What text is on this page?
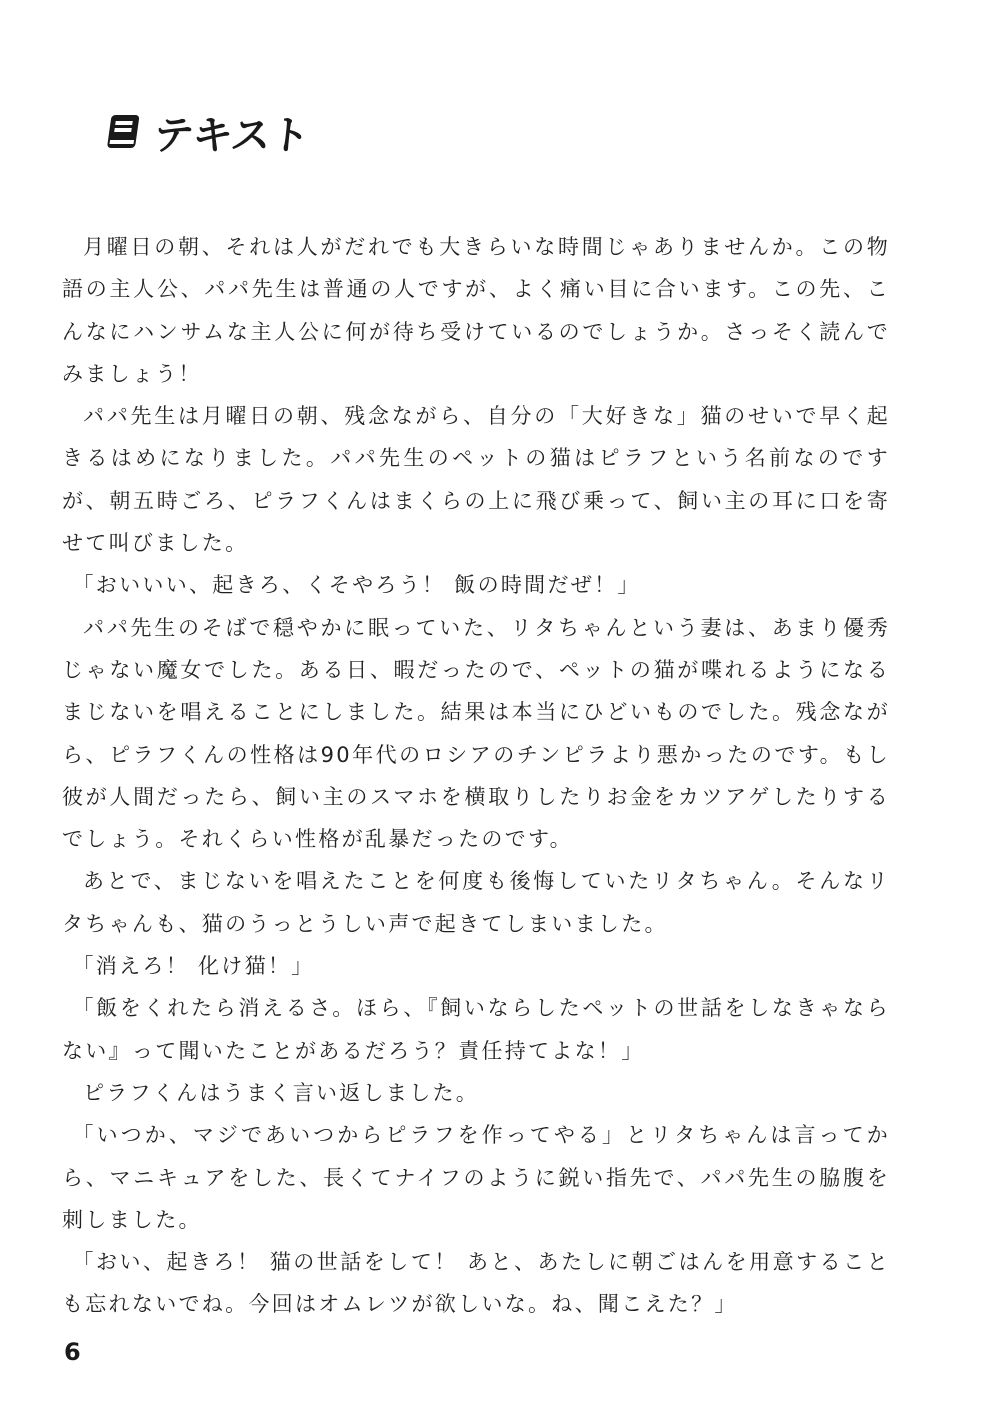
テキスト

月曜日の朝、それは人がだれでも大きらいな時間じゃありませんか。この物語の主人公、パパ先生は普通の人ですが、よく痛い目に合います。この先、こんなにハンサムな主人公に何が待ち受けているのでしょうか。さっそく読んでみましょう！

パパ先生は月曜日の朝、残念ながら、自分の「大好きな」猫のせいで早く起きるはめになりました。パパ先生のペットの猫はピラフという名前なのですが、朝五時ごろ、ピラフくんはまくらの上に飛び乗って、飼い主の耳に口を寄せて叫びました。

「おいいい、起きろ、くそやろう！ 飯の時間だぜ！」

パパ先生のそばで穏やかに眠っていた、リタちゃんという妻は、あまり優秀じゃない魔女でした。ある日、暇だったので、ペットの猫が喋れるようになるまじないを唱えることにしました。結果は本当にひどいものでした。残念ながら、ピラフくんの性格は90年代のロシアのチンピラより悪かったのです。もし彼が人間だったら、飼い主のスマホを横取りしたりお金をカツアゲしたりするでしょう。それくらい性格が乱暴だったのです。

あとで、まじないを唱えたことを何度も後悔していたリタちゃん。そんなリタちゃんも、猫のうっとうしい声で起きてしまいました。

「消えろ！ 化け猫！」

「飯をくれたら消えるさ。ほら、『飼いならしたペットの世話をしなきゃならない』って聞いたことがあるだろう？責任持てよな！」

ピラフくんはうまく言い返しました。

「いつか、マジであいつからピラフを作ってやる」とリタちゃんは言ってから、マニキュアをした、長くてナイフのように鋭い指先で、パパ先生の脇腹を刺しました。

「おい、起きろ！ 猫の世話をして！ あと、あたしに朝ごはんを用意することも忘れないでね。今回はオムレツが欲しいな。ね、聞こえた？」

6
